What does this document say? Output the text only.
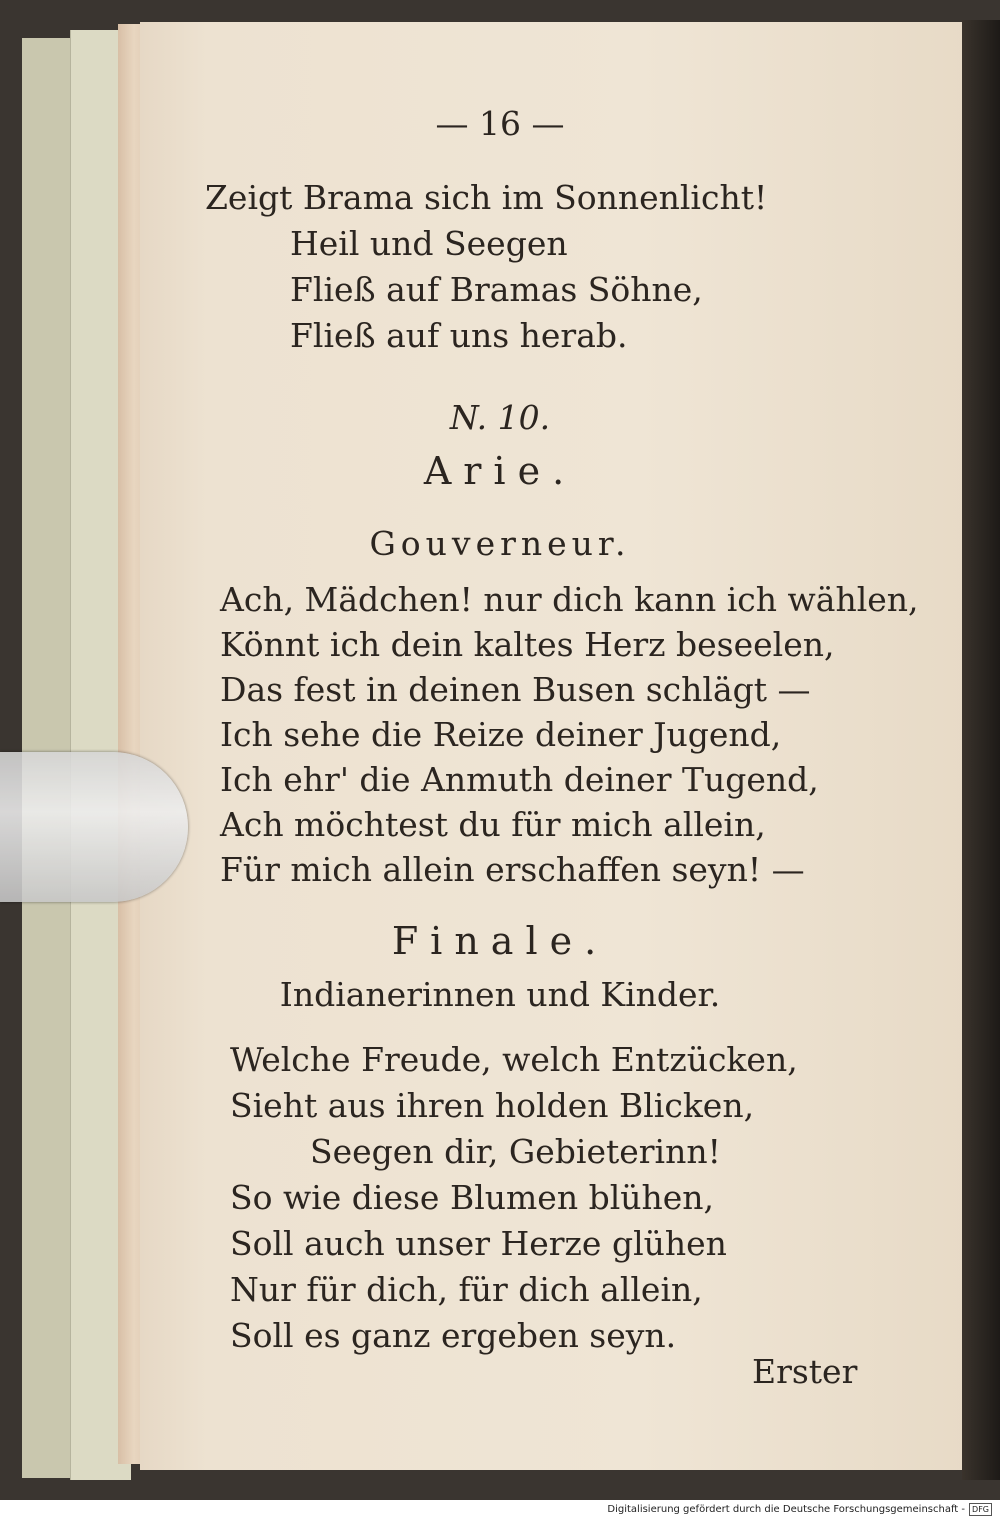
— 16 —
Zeigt Brama sich im Sonnenlicht!
Heil und Seegen
Fließ auf Bramas Söhne,
Fließ auf uns herab.
N. 10.
Arie.
Gouverneur.
Ach, Mädchen! nur dich kann ich wählen,
Könnt ich dein kaltes Herz beseelen,
Das fest in deinen Busen schlägt —
Ich sehe die Reize deiner Jugend,
Ich ehr' die Anmuth deiner Tugend,
Ach möchtest du für mich allein,
Für mich allein erschaffen seyn! —
Finale.
Indianerinnen und Kinder.
Welche Freude, welch Entzücken,
Sieht aus ihren holden Blicken,
Seegen dir, Gebieterinn!
So wie diese Blumen blühen,
Soll auch unser Herze glühen
Nur für dich, für dich allein,
Soll es ganz ergeben seyn.
Erster
Digitalisierung gefördert durch die Deutsche Forschungsgemeinschaft - DFG
